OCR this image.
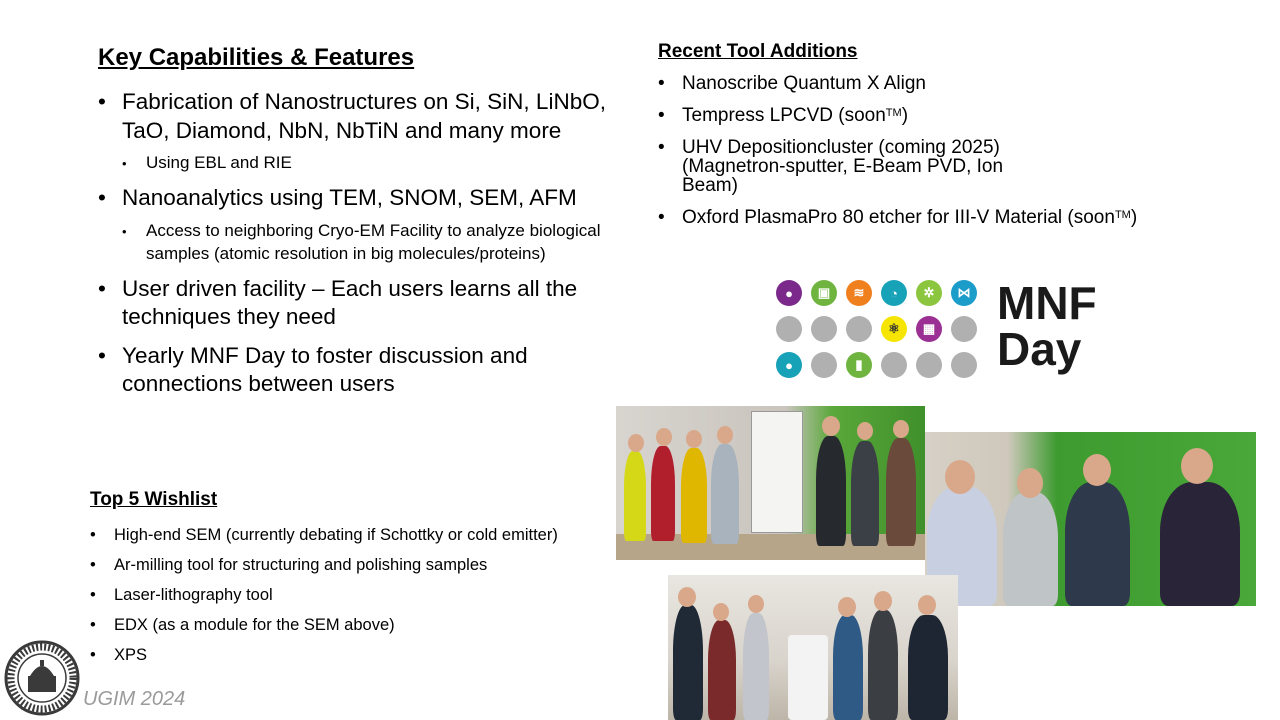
Key Capabilities & Features
• Fabrication of Nanostructures on Si, SiN, LiNbO, TaO, Diamond, NbN, NbTiN and many more
• Using EBL and RIE
• Nanoanalytics using TEM, SNOM, SEM, AFM
• Access to neighboring Cryo-EM Facility to analyze biological samples (atomic resolution in big molecules/proteins)
• User driven facility – Each users learns all the techniques they need
• Yearly MNF Day to foster discussion and connections between users
Top 5 Wishlist
• High-end SEM (currently debating if Schottky or cold emitter)
• Ar-milling tool for structuring and polishing samples
• Laser-lithography tool
• EDX (as a module for the SEM above)
• XPS
Recent Tool Additions
• Nanoscribe Quantum X Align
• Tempress LPCVD (soon™)
• UHV Depositioncluster (coming 2025) (Magnetron-sputter, E-Beam PVD, Ion Beam)
• Oxford PlasmaPro 80 etcher for III-V Material (soon™)
●	▣	≋	◔	✲	⋈
⚛	▦
●	▮
MNF
Day
UGIM 2024
